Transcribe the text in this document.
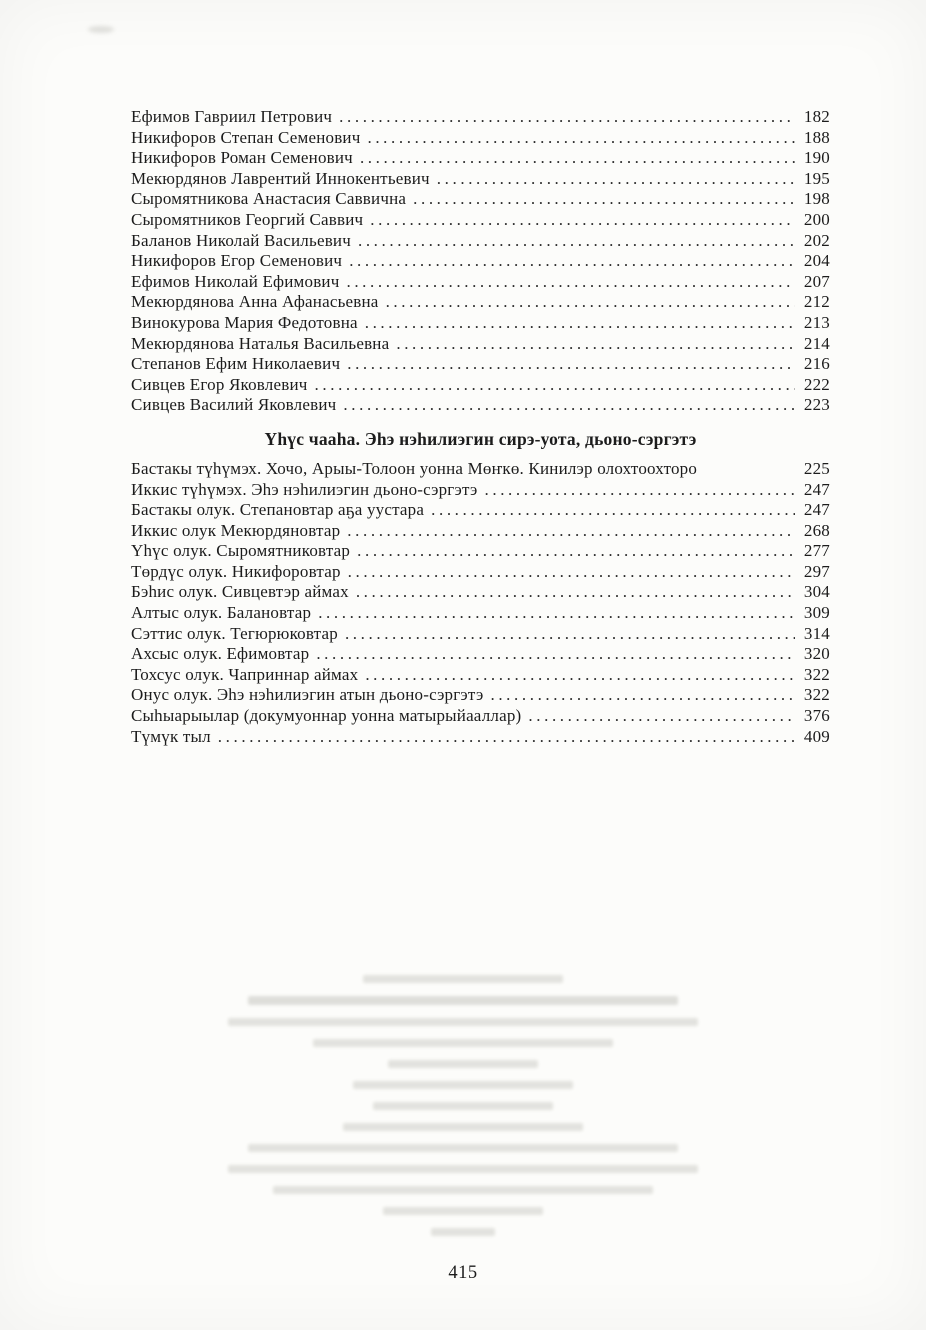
Ефимов Гавриил Петрович .....	182
Никифоров Степан Семенович .....	188
Никифоров Роман Семенович .....	190
Мекюрдянов Лаврентий Иннокентьевич .....	195
Сыромятникова Анастасия Саввична .....	198
Сыромятников Георгий Саввич .....	200
Баланов Николай Васильевич .....	202
Никифоров Егор Семенович .....	204
Ефимов Николай Ефимович .....	207
Мекюрдянова Анна Афанасьевна .....	212
Винокурова Мария Федотовна .....	213
Мекюрдянова Наталья Васильевна .....	214
Степанов Ефим Николаевич .....	216
Сивцев Егор Яковлевич .....	222
Сивцев Василий Яковлевич .....	223
Үһүс чааһа. Эһэ нэһилиэгин сирэ-уота, дьоно-сэргэтэ
Бастакы түһүмэх. Хочо, Арыы-Толоон уонна Мөҥкө. Кинилэр олохтоохторо	225
Иккис түһүмэх. Эһэ нэһилиэгин дьоно-сэргэтэ .....	247
Бастакы олук. Степановтар аҕа уустара .....	247
Иккис олук Мекюрдяновтар .....	268
Үһүс олук. Сыромятниковтар .....	277
Төрдүс олук. Никифоровтар .....	297
Бэһис олук. Сивцевтэр аймах .....	304
Алтыс олук. Балановтар .....	309
Сэттис олук. Тегюрюковтар .....	314
Ахсыс олук. Ефимовтар .....	320
Тохсус олук. Чаприннар аймах .....	322
Онус олук. Эһэ нэһилиэгин атын дьоно-сэргэтэ .....	322
Сыһыарыылар (докумуоннар уонна матырыйааллар) .....	376
Түмүк тыл .....	409
415
